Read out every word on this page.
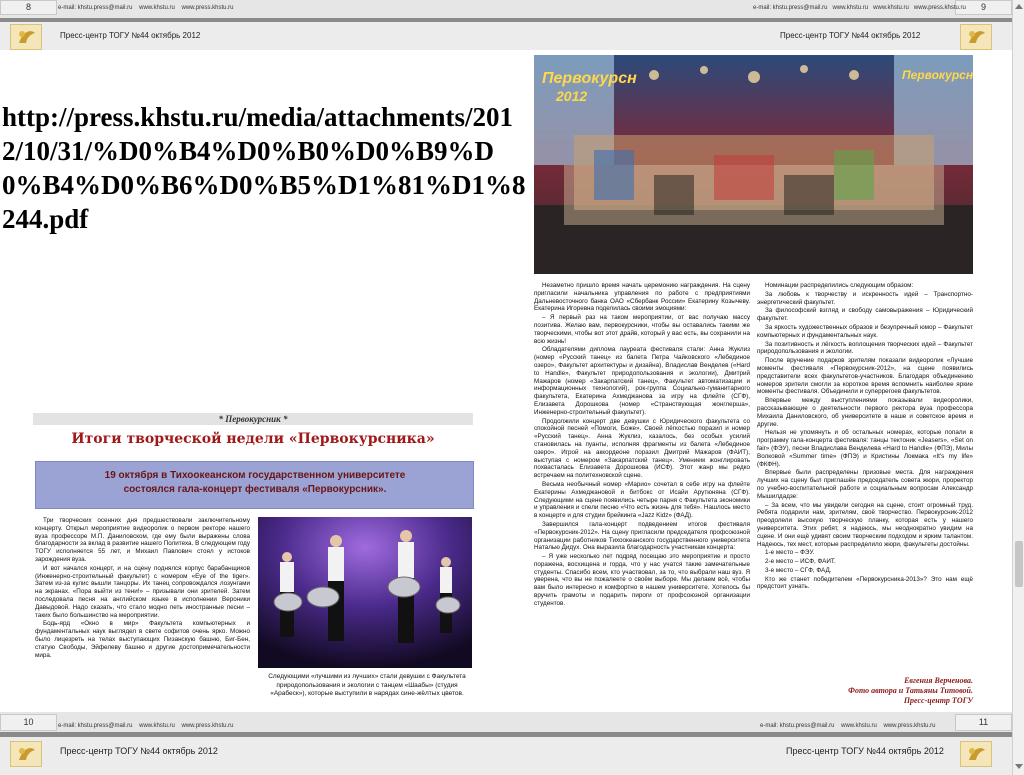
8	9
e-mail: khstu.press@mail.ru www.khstu.ru www.press.khstu.ru	e-mail: khstu.press@mail.ru www.khstu.ru www.khstu.ru www.press.khstu.ru
Пресс-центр ТОГУ №44 октябрь 2012	Пресс-центр ТОГУ №44 октябрь 2012
http://press.khstu.ru/media/attachments/2012/10/31/%D0%B4%D0%B0%D0%B9%D0%B4%D0%B6%D0%B5%D1%81%D1%8244.pdf
Первокурсн
2012
Первокурсн
* Первокурсник *
Итоги творческой недели «Первокурсника»
19 октября в Тихоокеанском государственном университете состоялся гала-концерт фестиваля «Первокурсник».

Три творческих осенних дня предшествовали заключительному концерту. Открыл мероприятие видеоролик о первом ректоре нашего вуза профессоре М.П. Даниловском, где ему были выражены слова благодарности за вклад в развитие нашего Политеха. В следующем году ТОГУ исполняется 55 лет, и Михаил Павлович стоял у истоков зарождения вуза.

И вот начался концерт, и на сцену поднялся корпус барабанщиков (Инженерно-строительный факультет) с номером «Eye of the tiger». Затем из-за кулис вышли танцоры. Их танец сопровождался лозунгами на экранах. «Пора выйти из тени!» – призывали они зрителей. Затем последовала песня на английском языке в исполнении Вероники Давыдовой. Надо сказать, что стало модно петь иностранные песни – таких было большинство на мероприятии.

Бодь-ярд «Окно в мир» Факультета компьютерных и фундаментальных наук выглядел в свете софитов очень ярко. Можно было лицезреть на телах выступающих Пизанскую башню, Биг-Бен, статую Свободы, Эйфелеву башню и другие достопримечательности мира.

Следующими «лучшими из лучших» стали девушки с Факультета природопользования и экологии с танцем «Шаабы» (студия «Арабеск»), которые выступили в нарядах сине-жёлтых цветов.

Незаметно пришло время начать церемонию награждения. На сцену пригласили начальника управления по работе с предприятиями Дальневосточного банка ОАО «Сбербанк России» Екатерину Козычеву. Екатерина Игоревна поделилась своими эмоциями:

– Я первый раз на таком мероприятии, от вас получаю массу позитива. Желаю вам, первокурсники, чтобы вы оставались такими же творческими, чтобы вот этот драйв, который у вас есть, вы сохранили на всю жизнь!

Обладателями диплома лауреата фестиваля стали: Анна Жуклиз (номер «Русский танец» из балета Петра Чайковского «Лебединое озеро», Факультет архитектуры и дизайна), Владислав Венделев («Hard to Handle», Факультет природопользования и экологии), Дмитрий Мажаров (номер «Закарпатский танец», Факультет автоматизации и информационных технологий), рок-группа Социально-гуманитарного факультета, Екатерина Ахмеджанова за игру на флейте (СГФ), Елизавета Дорошкова (номер «Странствующая жонглерша», Инженерно-строительный факультет).

Продолжили концерт две девушки с Юридического факультета со спокойной песней «Помоги, Боже». Своей лёгкостью поразил и номер «Русский танец». Анна Жуклиз, казалось, без особых усилий становилась на пуанты, исполняя фрагменты из балета «Лебединое озеро». Игрой на аккордеоне поразил Дмитрий Мажаров (ФАИТ), выступая с номером «Закарпатский танец». Умением жонглировать похвасталась Елизавета Дорошкова (ИСФ). Этот жанр мы редко встречаем на политехновской сцене.

Весьма необычный номер «Марио» сочетал в себе игру на флейте Екатерины Ахмеджановой и битбокс от Исайи Арутюняна (СГФ). Следующими на сцене появились четыре парня с Факультета экономики и управления и спели песню «Что есть жизнь для тебя». Нашлось место в концерте и для студии брейкинга «Jazz Kidz» (ФАД).

Завершился гала-концерт подведением итогов фестиваля «Первокурсник-2012». На сцену пригласили председателя профсоюзной организации работников Тихоокеанского государственного университета Наталью Дидух. Она выразила благодарность участникам концерта:

– Я уже несколько лет подряд посещаю это мероприятие и просто поражена, восхищена и горда, что у нас учатся такие замечательные студенты. Спасибо всем, кто участвовал, за то, что выбрали наш вуз. Я уверена, что вы не пожалеете о своём выборе. Мы делаем всё, чтобы вам было интересно и комфортно в нашем университете. Хотелось бы вручить грамоты и подарить пироги от профсоюзной организации студентов.

Номинации распределились следующим образом:

За любовь к творчеству и искренность идей – Транспортно-энергетический факультет.

За философский взгляд и свободу самовыражения – Юридический факультет.

За яркость художественных образов и безупречный юмор – Факультет компьютерных и фундаментальных наук.

За позитивность и лёгкость воплощения творческих идей – Факультет природопользования и экологии.

После вручение подарков зрителям показали видеоролик «Лучшие моменты фестиваля «Первокурсник-2012», на сцене появились представители всех факультетов-участников. Благодаря объединению номеров зрители смогли за короткое время вспомнить наиболее яркие моменты фестиваля. Объединили и суперрегоев факультетов.

Впервые между выступлениями показывали видеоролики, рассказывающие о деятельности первого ректора вуза профессора Михаила Даниловского, об университете в наше и советское время и другие.

Нельзя не упомянуть и об остальных номерах, которые попали в программу гала-концерта фестиваля: танцы тектоник «Jeasers», «Set on fair» (ФЭУ), песни Владислава Венделева «Hard to Handle» (ФПЭ), Милы Волковой «Summer time» (ФПЭ) и Кристины Локмака «It's my life» (ФКФН).

Впервые были распределены призовые места. Для награждения лучших на сцену был приглашён председатель совета жюри, проректор по учебно-воспитательной работе и социальным вопросам Александр Мышилдадзе:

– За всем, что мы увидели сегодня на сцене, стоит огромный труд. Ребята подарили нам, зрителям, своё творчество. Первокурсник-2012 преодолели высокую творческую планку, которая есть у нашего университета. Этих ребят, я надеюсь, мы неоднократно увидим на сцене. И они ещё удивят своим творческим подходом и ярким талантом. Надеюсь, тех мест, которые распределило жюри, факультеты достойны.

1-е место – ФЭУ.

2-е место – ИСФ, ФАИТ.

3-е место – СГФ, ФАД.

Кто же станет победителем «Первокурсника-2013»? Это нам ещё предстоит узнать.

Евгения Верченова.
Фото автора и Татьяны Титовой.
Пресс-центр ТОГУ
10	11
e-mail: khstu.press@mail.ru www.khstu.ru www.press.khstu.ru	e-mail: khstu.press@mail.ru www.khstu.ru www.press.khstu.ru
Пресс-центр ТОГУ №44 октябрь 2012	Пресс-центр ТОГУ №44 октябрь 2012
